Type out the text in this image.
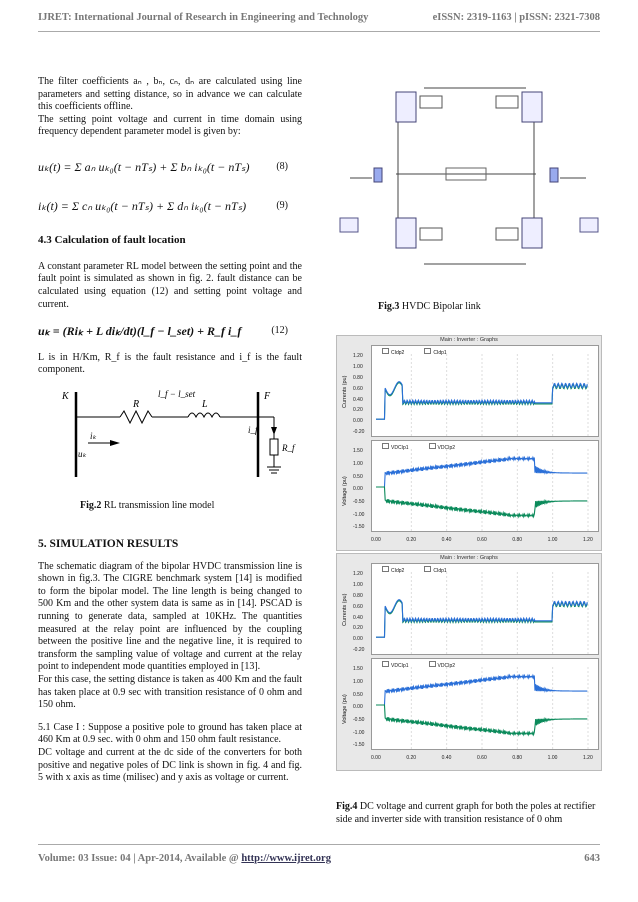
IJRET: International Journal of Research in Engineering and Technology	eISSN: 2319-1163 | pISSN: 2321-7308

The filter coefficients aₙ , bₙ, cₙ, dₙ are calculated using line parameters and setting distance, so in advance we can calculate this coefficients offline.

The setting point voltage and current in time domain using frequency dependent parameter model is given by:

uₖ(t) = Σ aₙ uₖ₀(t − nTₛ) + Σ bₙ iₖ₀(t − nTₛ)	(8)
iₖ(t) = Σ cₙ uₖ₀(t − nTₛ) + Σ dₙ iₖ₀(t − nTₛ)	(9)
4.3 Calculation of fault location

A constant parameter RL model between the setting point and the fault point is simulated as shown in fig. 2. fault distance can be calculated using equation (12) and setting point voltage and current.

uₖ = (Riₖ + L diₖ/dt)(l_f − l_set) + R_f i_f	(12)

L is in H/Km, R_f is the fault resistance and i_f is the fault component.

K	F
R	L
l_f − l_set
iₖ
uₖ
i_f
R_f
Fig.2 RL transmission line model
5. SIMULATION RESULTS

The schematic diagram of the bipolar HVDC transmission line is shown in fig.3. The CIGRE benchmark system [14] is modified to form the bipolar model. The line length is being changed to 500 Km and the other system data is same as in [14]. PSCAD is running to generate data, sampled at 10KHz. The quantities measured at the relay point are influenced by the coupling between the positive line and the negative line, it is required to transform the sampling value of voltage and current at the relay point to independent mode quantities employed in [13].

For this case, the setting distance is taken as 400 Km and the fault has taken place at 0.9 sec with transition resistance of 0 ohm and 150 ohm.

5.1 Case I : Suppose a positive pole to ground has taken place at 460 Km at 0.9 sec. with 0 ohm and 150 ohm fault resistance.

DC voltage and current at the dc side of the converters for both positive and negative poles of DC link is shown in fig. 4 and fig. 5 with x axis as time (milisec) and y axis as voltage or current.

Fig.3 HVDC Bipolar link
Main : Inverter : Graphs
CIdp2	CIdp1
VDCIp1	VDCIp2
Currents (pu)
Voltage (pu)
1.20
1.00
0.80
0.60
0.40
0.20
0.00
-0.20
1.50
1.00
0.50
0.00
-0.50
-1.00
-1.50
0.00	0.20	0.40	0.60	0.80	1.00	1.20
Main : Inverter : Graphs
CIdp2	CIdp1
VDCIp1	VDCIp2
Currents (pu)
Voltage (pu)
1.20
1.00
0.80
0.60
0.40
0.20
0.00
-0.20
1.50
1.00
0.50
0.00
-0.50
-1.00
-1.50
0.00	0.20	0.40	0.60	0.80	1.00	1.20
Fig.4 DC voltage and current graph for both the poles at rectifier side and inverter side with transition resistance of 0 ohm
Volume: 03 Issue: 04 | Apr-2014, Available @ http://www.ijret.org	643
